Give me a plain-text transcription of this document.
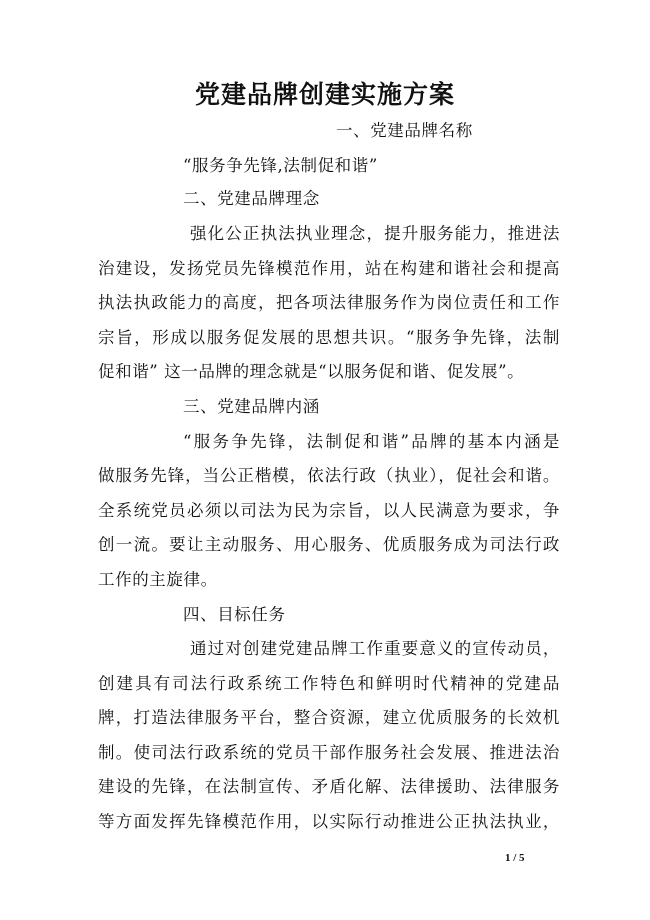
党建品牌创建实施方案
一、党建品牌名称
“服务争先锋,法制促和谐”
二、党建品牌理念
强化公正执法执业理念，提升服务能力，推进法
治建设，发扬党员先锋模范作用，站在构建和谐社会和提高
执法执政能力的高度，把各项法律服务作为岗位责任和工作
宗旨，形成以服务促发展的思想共识。“服务争先锋，法制
促和谐” 这一品牌的理念就是“以服务促和谐、促发展”。
三、党建品牌内涵
“服务争先锋，法制促和谐”品牌的基本内涵是
做服务先锋，当公正楷模，依法行政（执业），促社会和谐。
全系统党员必须以司法为民为宗旨，以人民满意为要求，争
创一流。要让主动服务、用心服务、优质服务成为司法行政
工作的主旋律。
四、目标任务
通过对创建党建品牌工作重要意义的宣传动员，
创建具有司法行政系统工作特色和鲜明时代精神的党建品
牌，打造法律服务平台，整合资源，建立优质服务的长效机
制。使司法行政系统的党员干部作服务社会发展、推进法治
建设的先锋，在法制宣传、矛盾化解、法律援助、法律服务
等方面发挥先锋模范作用，以实际行动推进公正执法执业，
1 / 5
